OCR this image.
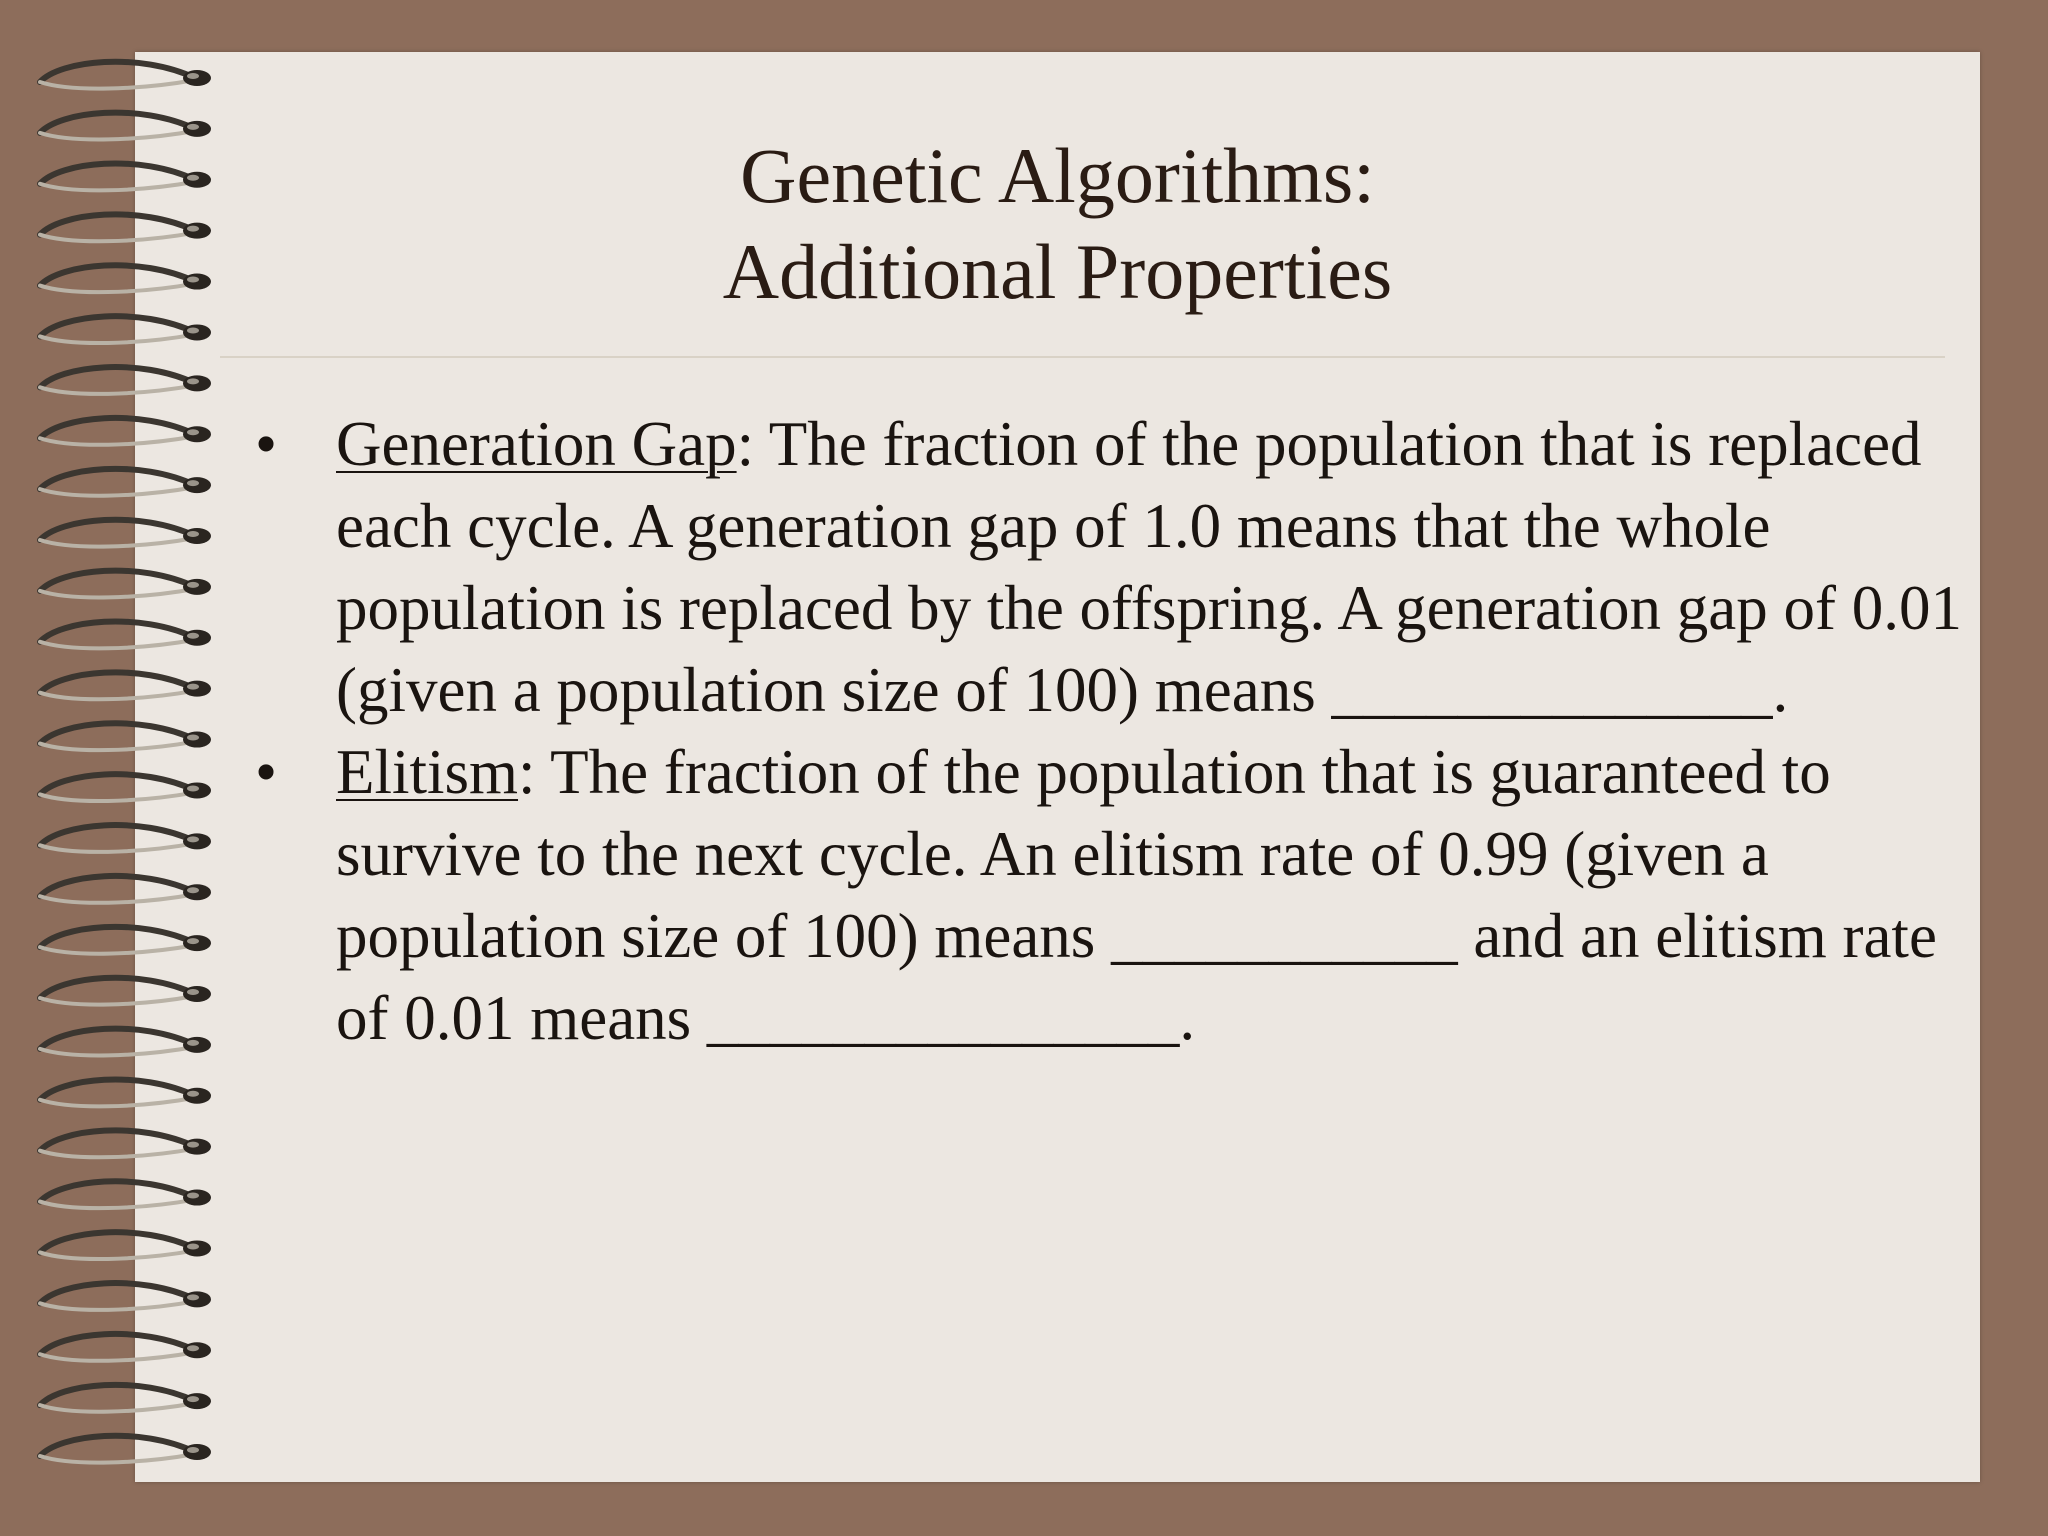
Genetic Algorithms:
Additional Properties
• Generation Gap: The fraction of the population that is replaced each cycle. A generation gap of 1.0 means that the whole population is replaced by the offspring. A generation gap of 0.01 (given a population size of 100) means ______________.
• Elitism: The fraction of the population that is guaranteed to survive to the next cycle. An elitism rate of 0.99 (given a population size of 100) means ___________ and an elitism rate of 0.01 means _______________.
